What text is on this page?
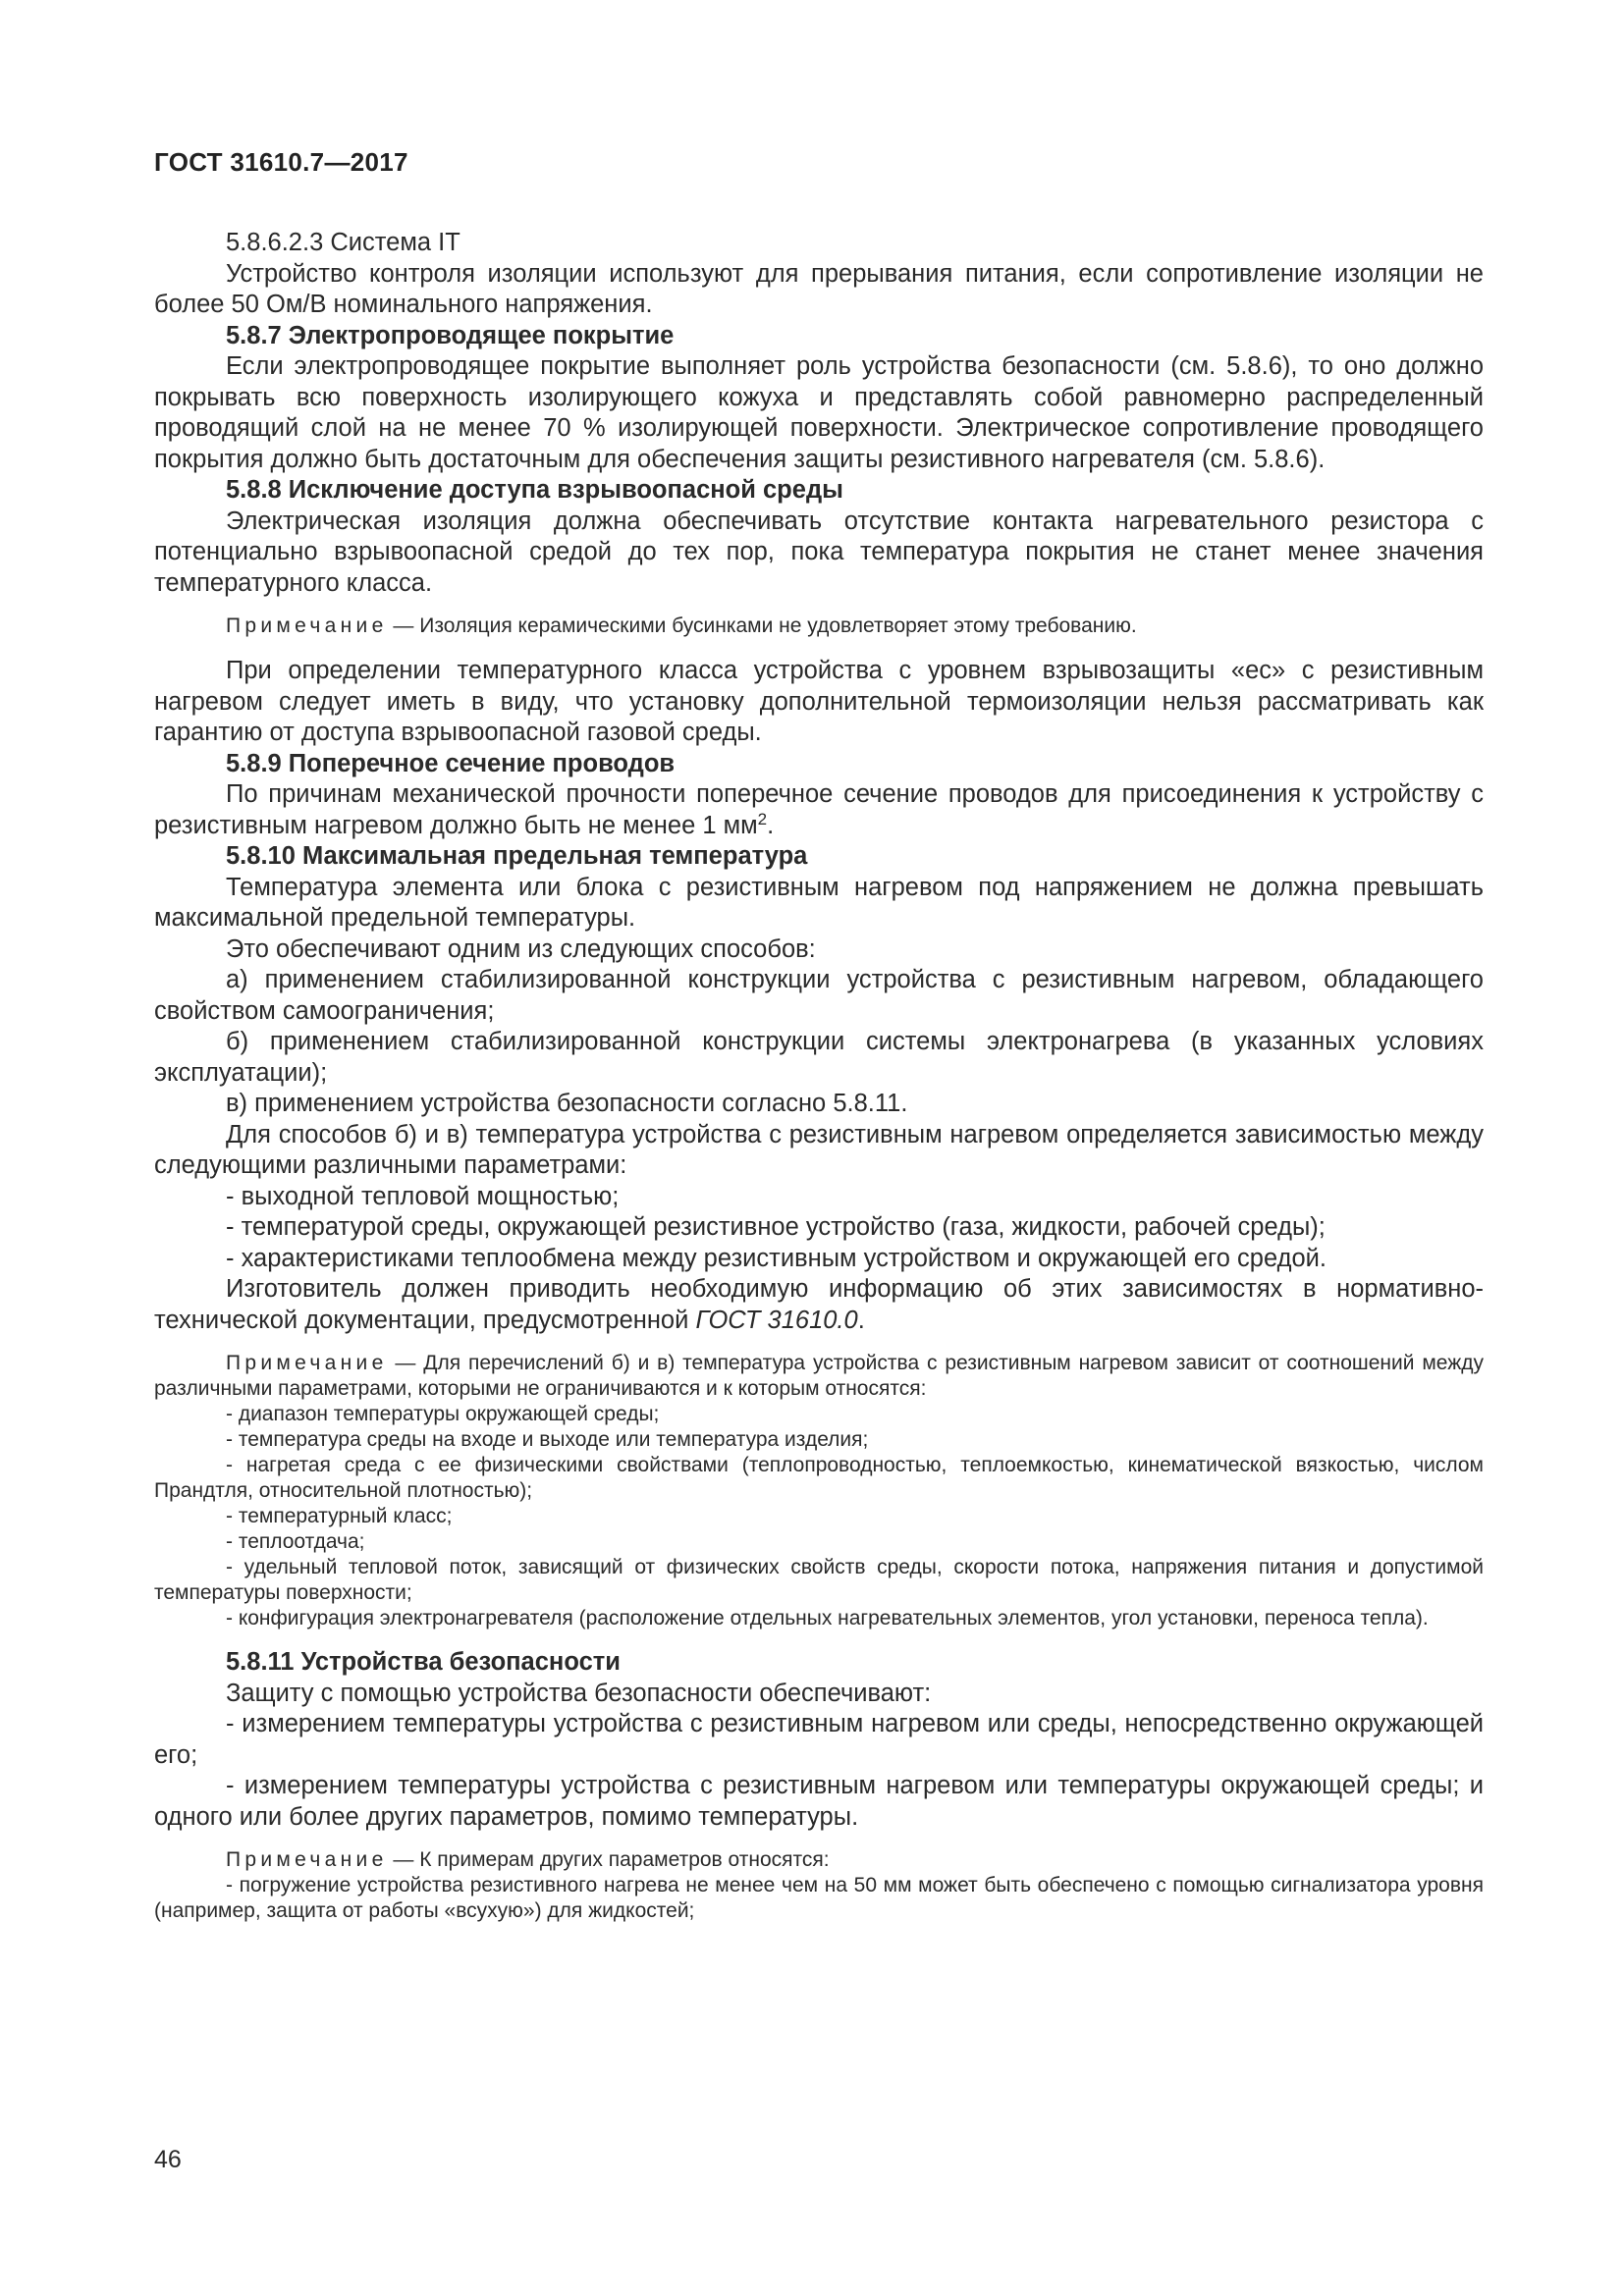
ГОСТ 31610.7—2017

5.8.6.2.3 Система IT

Устройство контроля изоляции используют для прерывания питания, если сопротивление изоляции не более 50 Ом/В номинального напряжения.

5.8.7 Электропроводящее покрытие

Если электропроводящее покрытие выполняет роль устройства безопасности (см. 5.8.6), то оно должно покрывать всю поверхность изолирующего кожуха и представлять собой равномерно распределенный проводящий слой на не менее 70 % изолирующей поверхности. Электрическое сопротивление проводящего покрытия должно быть достаточным для обеспечения защиты резистивного нагревателя (см. 5.8.6).

5.8.8 Исключение доступа взрывоопасной среды

Электрическая изоляция должна обеспечивать отсутствие контакта нагревательного резистора с потенциально взрывоопасной средой до тех пор, пока температура покрытия не станет менее значения температурного класса.

Примечание — Изоляция керамическими бусинками не удовлетворяет этому требованию.

При определении температурного класса устройства с уровнем взрывозащиты «ес» с резистивным нагревом следует иметь в виду, что установку дополнительной термоизоляции нельзя рассматривать как гарантию от доступа взрывоопасной газовой среды.

5.8.9 Поперечное сечение проводов

По причинам механической прочности поперечное сечение проводов для присоединения к устройству с резистивным нагревом должно быть не менее 1 $мм^2$.

5.8.10 Максимальная предельная температура

Температура элемента или блока с резистивным нагревом под напряжением не должна превышать максимальной предельной температуры.

Это обеспечивают одним из следующих способов:

а) применением стабилизированной конструкции устройства с резистивным нагревом, обладающего свойством самоограничения;

б) применением стабилизированной конструкции системы электронагрева (в указанных условиях эксплуатации);

в) применением устройства безопасности согласно 5.8.11.

Для способов б) и в) температура устройства с резистивным нагревом определяется зависимостью между следующими различными параметрами:

- выходной тепловой мощностью;

- температурой среды, окружающей резистивное устройство (газа, жидкости, рабочей среды);

- характеристиками теплообмена между резистивным устройством и окружающей его средой.

Изготовитель должен приводить необходимую информацию об этих зависимостях в нормативно-технической документации, предусмотренной ГОСТ 31610.0.

Примечание — Для перечислений б) и в) температура устройства с резистивным нагревом зависит от соотношений между различными параметрами, которыми не ограничиваются и к которым относятся:

- диапазон температуры окружающей среды;

- температура среды на входе и выходе или температура изделия;

- нагретая среда с ее физическими свойствами (теплопроводностью, теплоемкостью, кинематической вязкостью, числом Прандтля, относительной плотностью);

- температурный класс;

- теплоотдача;

- удельный тепловой поток, зависящий от физических свойств среды, скорости потока, напряжения питания и допустимой температуры поверхности;

- конфигурация электронагревателя (расположение отдельных нагревательных элементов, угол установки, переноса тепла).

5.8.11 Устройства безопасности

Защиту с помощью устройства безопасности обеспечивают:

- измерением температуры устройства с резистивным нагревом или среды, непосредственно окружающей его;

- измерением температуры устройства с резистивным нагревом или температуры окружающей среды; и одного или более других параметров, помимо температуры.

Примечание — К примерам других параметров относятся:

- погружение устройства резистивного нагрева не менее чем на 50 мм может быть обеспечено с помощью сигнализатора уровня (например, защита от работы «всухую») для жидкостей;

46
